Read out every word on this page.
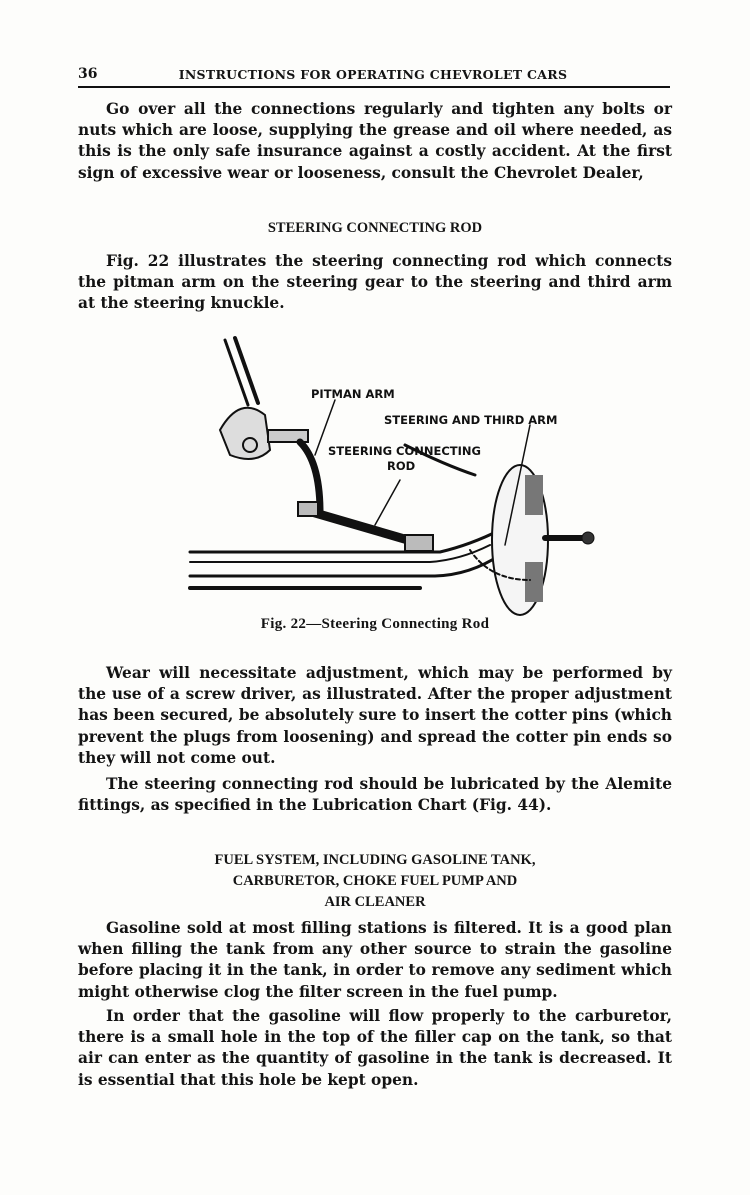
36	INSTRUCTIONS FOR OPERATING CHEVROLET CARS

Go over all the connections regularly and tighten any bolts or nuts which are loose, supplying the grease and oil where needed, as this is the only safe insurance against a costly accident. At the first sign of excessive wear or looseness, consult the Chevrolet Dealer,

STEERING CONNECTING ROD

Fig. 22 illustrates the steering connecting rod which connects the pitman arm on the steering gear to the steering and third arm at the steering knuckle.

PITMAN ARM
STEERING AND THIRD ARM
STEERING CONNECTING
ROD
Fig. 22—Steering Connecting Rod

Wear will necessitate adjustment, which may be performed by the use of a screw driver, as illustrated. After the proper adjustment has been secured, be absolutely sure to insert the cotter pins (which prevent the plugs from loosening) and spread the cotter pin ends so they will not come out.

The steering connecting rod should be lubricated by the Alemite fittings, as specified in the Lubrication Chart (Fig. 44).

FUEL SYSTEM, INCLUDING GASOLINE TANK,
CARBURETOR, CHOKE FUEL PUMP AND
AIR CLEANER

Gasoline sold at most filling stations is filtered. It is a good plan when filling the tank from any other source to strain the gasoline before placing it in the tank, in order to remove any sediment which might otherwise clog the filter screen in the fuel pump.

In order that the gasoline will flow properly to the carburetor, there is a small hole in the top of the filler cap on the tank, so that air can enter as the quantity of gasoline in the tank is decreased. It is essential that this hole be kept open.
